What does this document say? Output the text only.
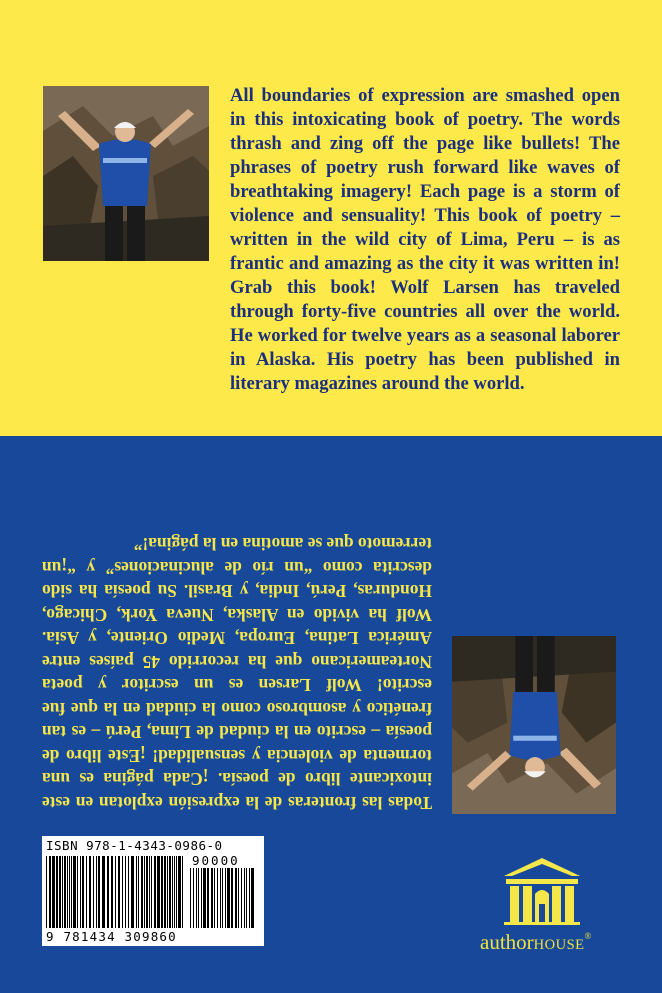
All boundaries of expression are smashed open in this intoxicating book of poetry. The words thrash and zing off the page like bullets! The phrases of poetry rush forward like waves of breathtaking imagery! Each page is a storm of violence and sensuality! This book of poetry – written in the wild city of Lima, Peru – is as frantic and amazing as the city it was written in! Grab this book! Wolf Larsen has traveled through forty-five countries all over the world. He worked for twelve years as a seasonal laborer in Alaska. His poetry has been published in literary magazines around the world.

Todas las fronteras de la expresión explotan en este intoxicante libro de poesía. ¡Cada página es una tormenta de violencia y sensualidad! ¡Este libro de poesía – escrito en la ciudad de Lima, Perú – es tan frenético y asombroso como la ciudad en la que fue escrito! Wolf Larsen es un escritor y poeta Norteamericano que ha recorrido 45 países entre América Latina, Europa, Medio Oriente, y Asia. Wolf ha vivido en Alaska, Nueva York, Chicago, Honduras, Perú, India, y Brasil. Su poesía ha sido descrita como “un río de alucinaciones” y “¡un terremoto que se amotina en la página!”

ISBN 978-1-4343-0986-0
90000
9 781434 309860	authorHOUSE®
